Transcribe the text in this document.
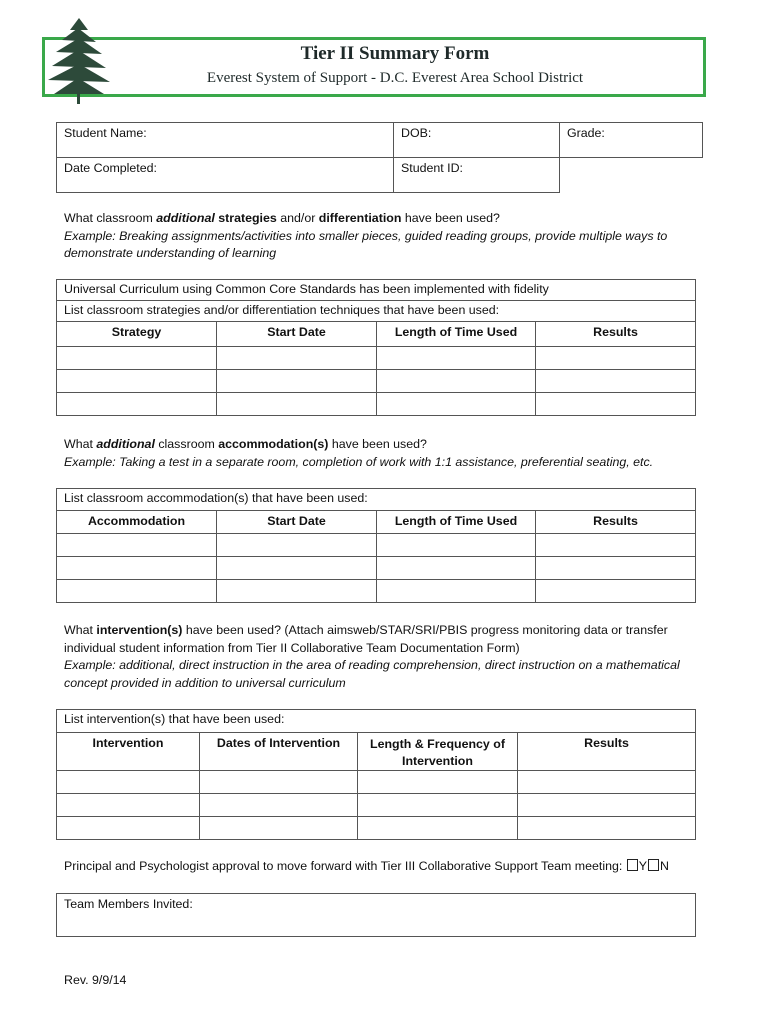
Tier II Summary Form
Everest System of Support - D.C. Everest Area School District
Student Name:	DOB:	Grade:
Date Completed:	Student ID:	
What classroom additional strategies and/or differentiation have been used?
Example: Breaking assignments/activities into smaller pieces, guided reading groups, provide multiple ways to demonstrate understanding of learning
Universal Curriculum using Common Core Standards has been implemented with fidelity			
List classroom strategies and/or differentiation techniques that have been used:			
Strategy	Start Date	Length of Time Used	Results

What additional classroom accommodation(s) have been used?
Example: Taking a test in a separate room, completion of work with 1:1 assistance, preferential seating, etc.
List classroom accommodation(s) that have been used:			
Accommodation	Start Date	Length of Time Used	Results

What intervention(s) have been used? (Attach aimsweb/STAR/SRI/PBIS progress monitoring data or transfer individual student information from Tier II Collaborative Team Documentation Form)
Example: additional, direct instruction in the area of reading comprehension, direct instruction on a mathematical concept provided in addition to universal curriculum
List intervention(s) that have been used:			
Intervention	Dates of Intervention	Length & Frequency of Intervention	Results

Principal and Psychologist approval to move forward with Tier III Collaborative Support Team meeting: Y N
Team Members Invited:
Rev. 9/9/14
